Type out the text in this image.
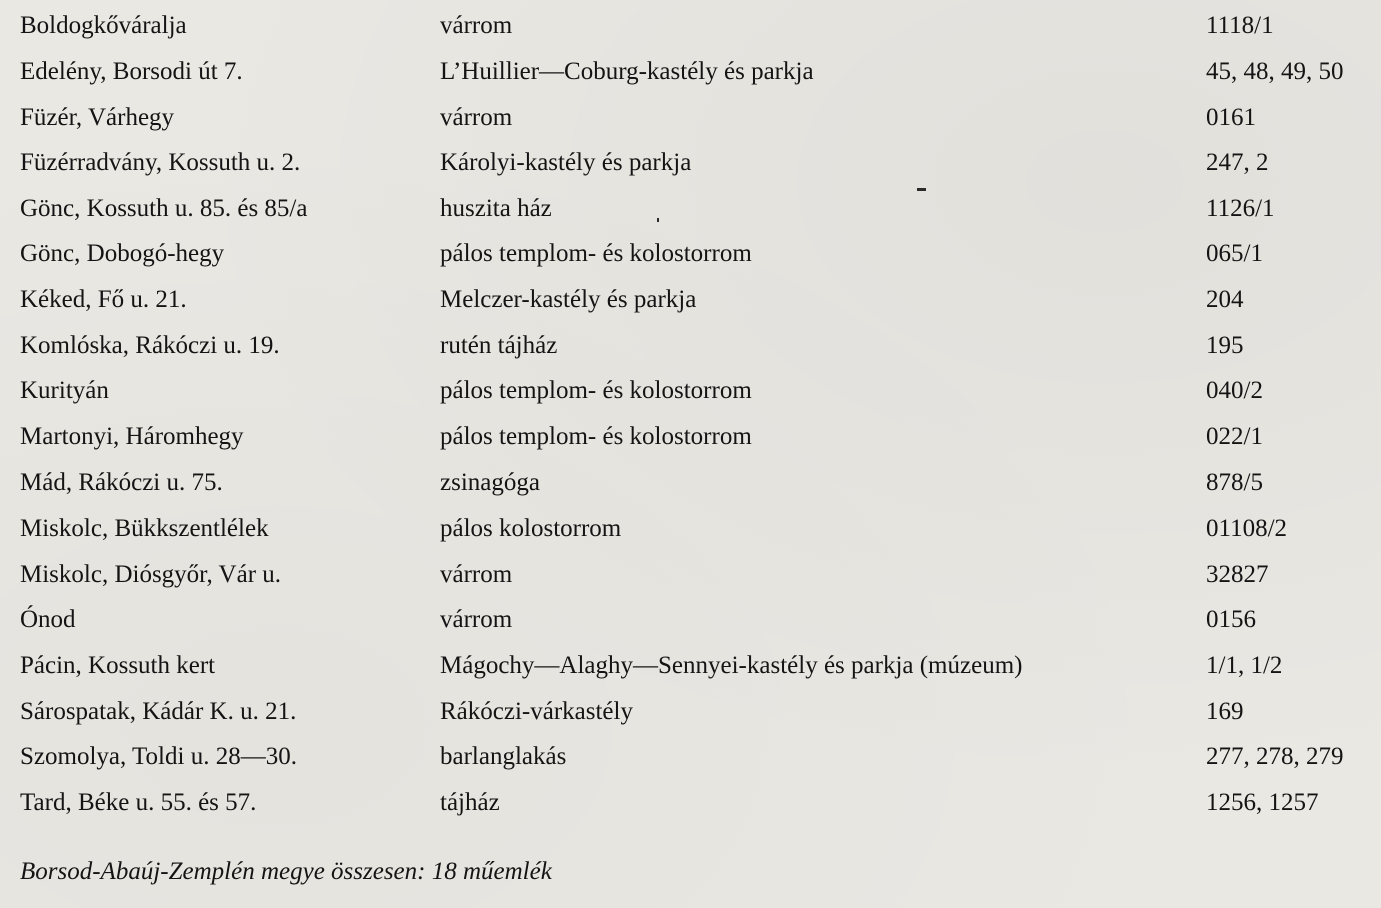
Boldogkőváralja	várrom	1118/1
Edelény, Borsodi út 7.	L’Huillier—Coburg-kastély és parkja	45, 48, 49, 50
Füzér, Várhegy	várrom	0161
Füzérradvány, Kossuth u. 2.	Károlyi-kastély és parkja	247, 2
Gönc, Kossuth u. 85. és 85/a	huszita ház	1126/1
Gönc, Dobogó-hegy	pálos templom- és kolostorrom	065/1
Kéked, Fő u. 21.	Melczer-kastély és parkja	204
Komlóska, Rákóczi u. 19.	rutén tájház	195
Kurityán	pálos templom- és kolostorrom	040/2
Martonyi, Háromhegy	pálos templom- és kolostorrom	022/1
Mád, Rákóczi u. 75.	zsinagóga	878/5
Miskolc, Bükkszentlélek	pálos kolostorrom	01108/2
Miskolc, Diósgyőr, Vár u.	várrom	32827
Ónod	várrom	0156
Pácin, Kossuth kert	Mágochy—Alaghy—Sennyei-kastély és parkja (múzeum)	1/1, 1/2
Sárospatak, Kádár K. u. 21.	Rákóczi-várkastély	169
Szomolya, Toldi u. 28—30.	barlanglakás	277, 278, 279
Tard, Béke u. 55. és 57.	tájház	1256, 1257
Borsod-Abaúj-Zemplén megye összesen: 18 műemlék
